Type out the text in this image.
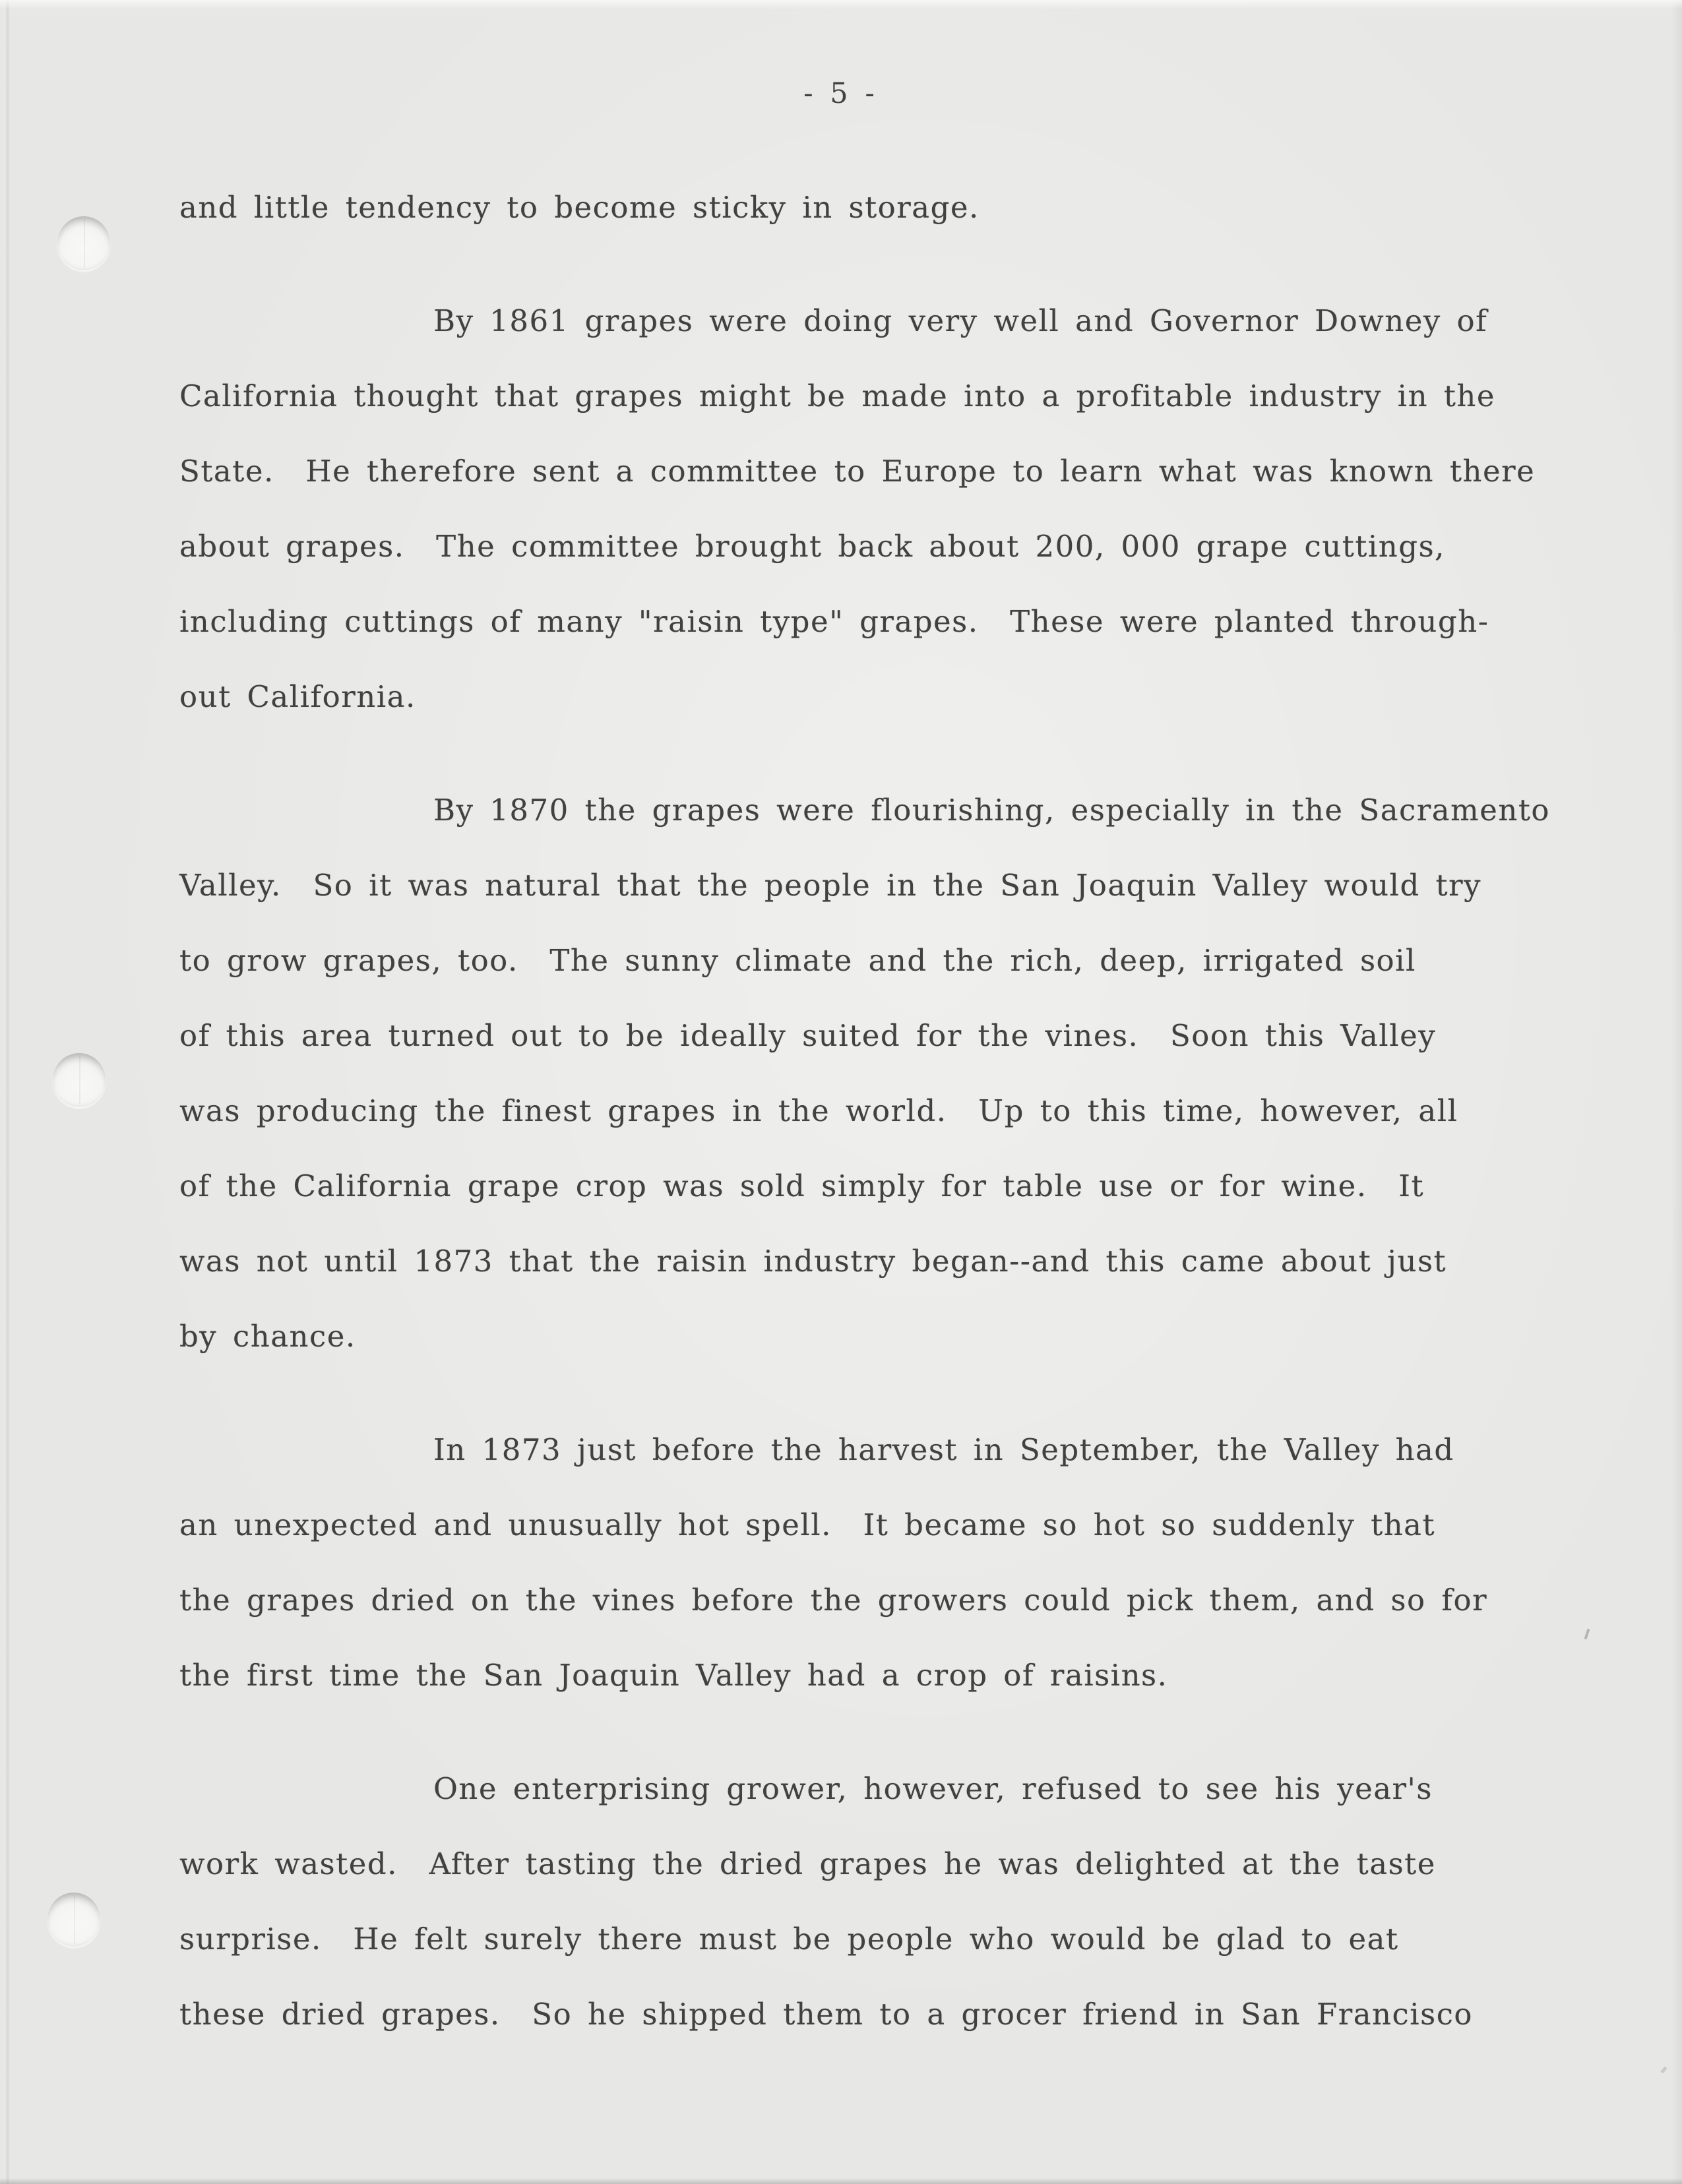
- 5 -
and little tendency to become sticky in storage.
By 1861 grapes were doing very well and Governor Downey of
California thought that grapes might be made into a profitable industry in the
State.  He therefore sent a committee to Europe to learn what was known there
about grapes.  The committee brought back about 200, 000 grape cuttings,
including cuttings of many "raisin type" grapes.  These were planted through-
out California.
By 1870 the grapes were flourishing, especially in the Sacramento
Valley.  So it was natural that the people in the San Joaquin Valley would try
to grow grapes, too.  The sunny climate and the rich, deep, irrigated soil
of this area turned out to be ideally suited for the vines.  Soon this Valley
was producing the finest grapes in the world.  Up to this time, however, all
of the California grape crop was sold simply for table use or for wine.  It
was not until 1873 that the raisin industry began--and this came about just
by chance.
In 1873 just before the harvest in September, the Valley had
an unexpected and unusually hot spell.  It became so hot so suddenly that
the grapes dried on the vines before the growers could pick them, and so for
the first time the San Joaquin Valley had a crop of raisins.
One enterprising grower, however, refused to see his year's
work wasted.  After tasting the dried grapes he was delighted at the taste
surprise.  He felt surely there must be people who would be glad to eat
these dried grapes.  So he shipped them to a grocer friend in San Francisco
